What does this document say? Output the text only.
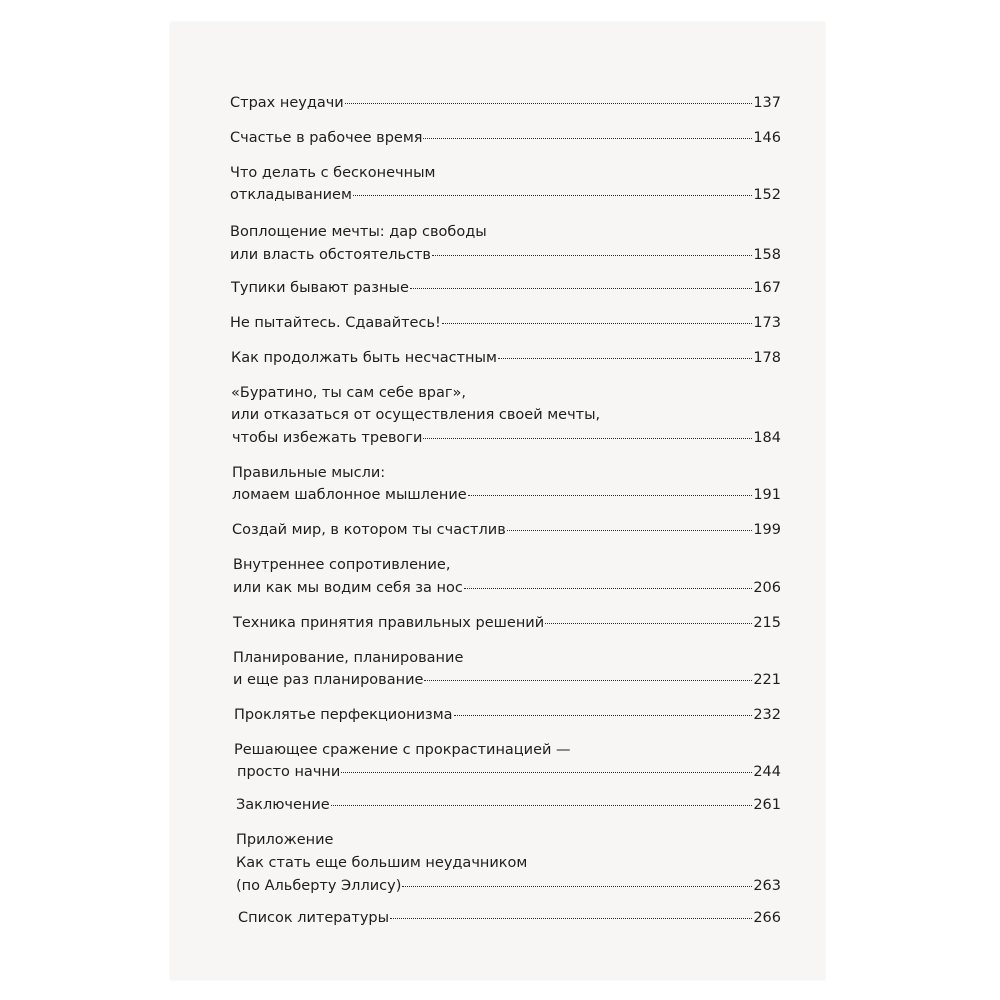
Страх неудачи	137
Счастье в рабочее время	146
Что делать с бесконечным
откладыванием	152
Воплощение мечты: дар свободы
или власть обстоятельств	158
Тупики бывают разные	167
Не пытайтесь. Сдавайтесь!	173
Как продолжать быть несчастным	178
«Буратино, ты сам себе враг»,
или отказаться от осуществления своей мечты,
чтобы избежать тревоги	184
Правильные мысли:
ломаем шаблонное мышление	191
Создай мир, в котором ты счастлив	199
Внутреннее сопротивление,
или как мы водим себя за нос	206
Техника принятия правильных решений	215
Планирование, планирование
и еще раз планирование	221
Проклятье перфекционизма	232
Решающее сражение с прокрастинацией —
просто начни	244
Заключение	261
Приложение
Как стать еще большим неудачником
(по Альберту Эллису)	263
Список литературы	266
